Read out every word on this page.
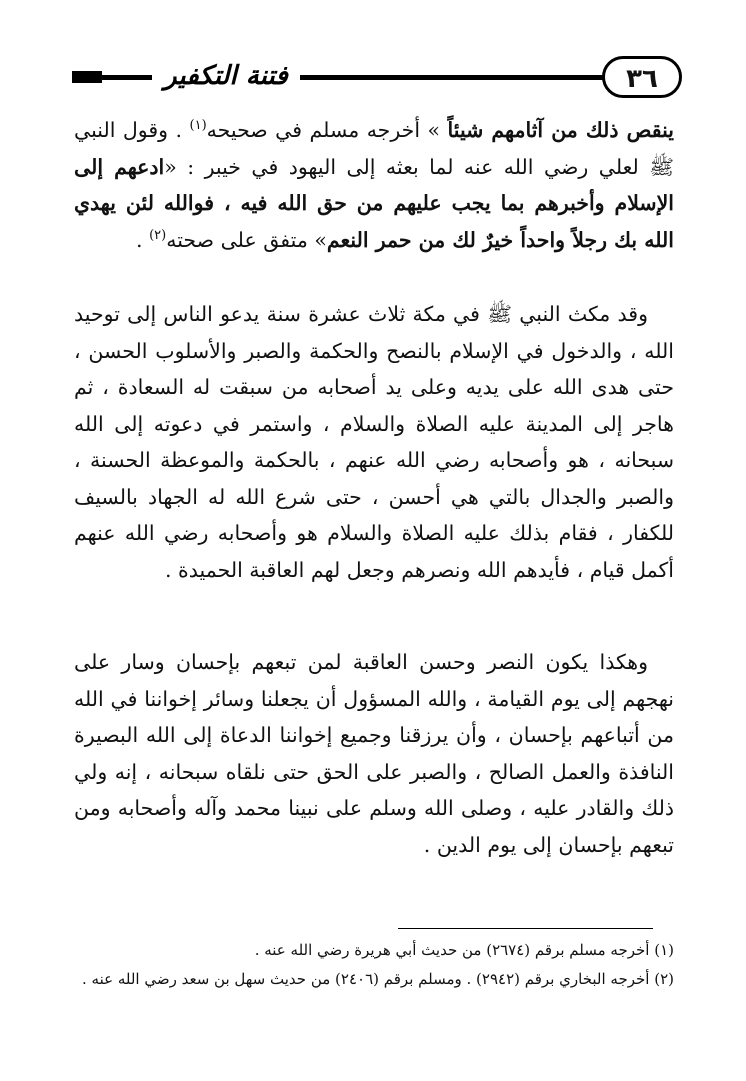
فتنة التكفير	٣٦

ينقص ذلك من آثامهم شيئاً » أخرجه مسلم في صحيحه$^{(١)}$ . وقول النبي ﷺ لعلي رضي الله عنه لما بعثه إلى اليهود في خيبر : «ادعهم إلى الإسلام وأخبرهم بما يجب عليهم من حق الله فيه ، فوالله لئن يهدي الله بك رجلاً واحداً خيرٌ لك من حمر النعم» متفق على صحته$^{(٢)}$ .

وقد مكث النبي ﷺ في مكة ثلاث عشرة سنة يدعو الناس إلى توحيد الله ، والدخول في الإسلام بالنصح والحكمة والصبر والأسلوب الحسن ، حتى هدى الله على يديه وعلى يد أصحابه من سبقت له السعادة ، ثم هاجر إلى المدينة عليه الصلاة والسلام ، واستمر في دعوته إلى الله سبحانه ، هو وأصحابه رضي الله عنهم ، بالحكمة والموعظة الحسنة ، والصبر والجدال بالتي هي أحسن ، حتى شرع الله له الجهاد بالسيف للكفار ، فقام بذلك عليه الصلاة والسلام هو وأصحابه رضي الله عنهم أكمل قيام ، فأيدهم الله ونصرهم وجعل لهم العاقبة الحميدة .

وهكذا يكون النصر وحسن العاقبة لمن تبعهم بإحسان وسار على نهجهم إلى يوم القيامة ، والله المسؤول أن يجعلنا وسائر إخواننا في الله من أتباعهم بإحسان ، وأن يرزقنا وجميع إخواننا الدعاة إلى الله البصيرة النافذة والعمل الصالح ، والصبر على الحق حتى نلقاه سبحانه ، إنه ولي ذلك والقادر عليه ، وصلى الله وسلم على نبينا محمد وآله وأصحابه ومن تبعهم بإحسان إلى يوم الدين .

(١) أخرجه مسلم برقم (٢٦٧٤) من حديث أبي هريرة رضي الله عنه .

(٢) أخرجه البخاري برقم (٢٩٤٢) . ومسلم برقم (٢٤٠٦) من حديث سهل بن سعد رضي الله عنه .
